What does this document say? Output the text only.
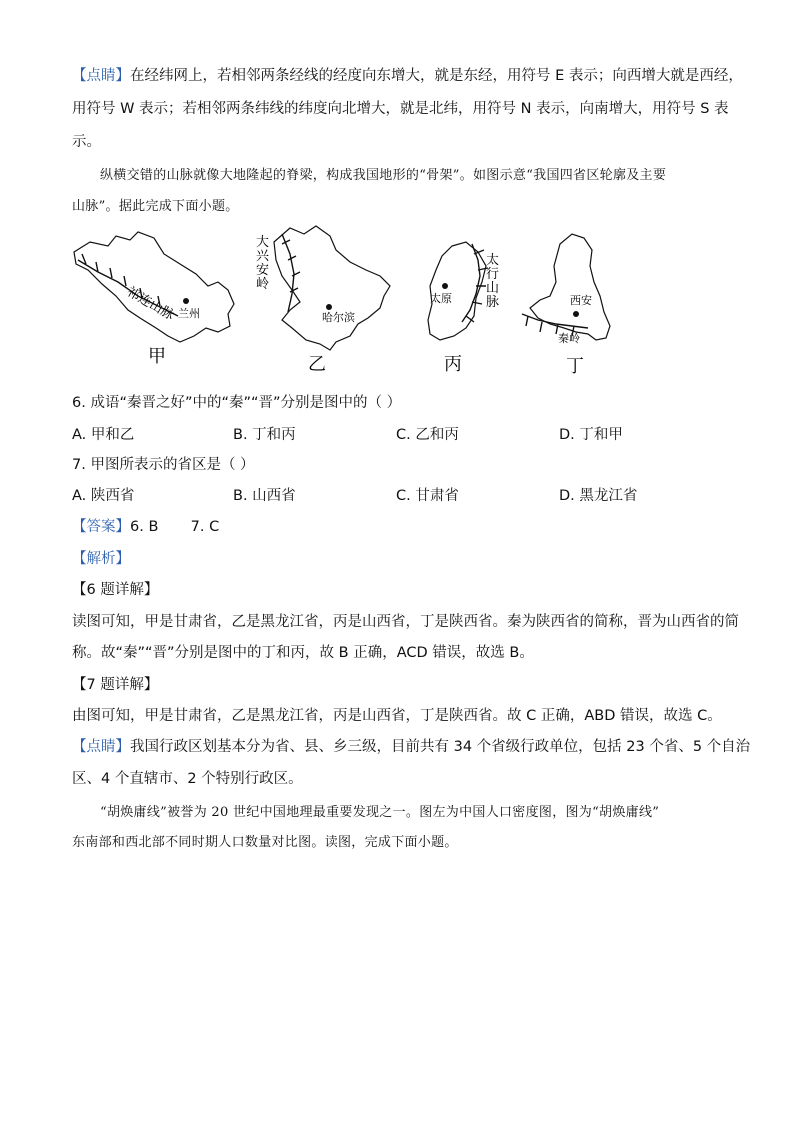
【点睛】在经纬网上，若相邻两条经线的经度向东增大，就是东经，用符号 E 表示；向西增大就是西经，
用符号 W 表示；若相邻两条纬线的纬度向北增大，就是北纬，用符号 N 表示，向南增大，用符号 S 表
示。
纵横交错的山脉就像大地隆起的脊梁，构成我国地形的“骨架”。如图示意“我国四省区轮廓及主要
山脉”。据此完成下面小题。
祁连山脉 兰州
甲
大
兴
安
岭
哈尔滨
乙
太原
太
行
山
脉
丙
西安
秦岭
丁
6. 成语“秦晋之好”中的“秦”“晋”分别是图中的（ ）
A. 甲和乙	B. 丁和丙	C. 乙和丙	D. 丁和甲
7. 甲图所表示的省区是（ ）
A. 陕西省	B. 山西省	C. 甘肃省	D. 黑龙江省
【答案】6. B       7. C
【解析】
【6 题详解】
读图可知，甲是甘肃省，乙是黑龙江省，丙是山西省，丁是陕西省。秦为陕西省的简称，晋为山西省的简
称。故“秦”“晋”分别是图中的丁和丙，故 B 正确，ACD 错误，故选 B。
【7 题详解】
由图可知，甲是甘肃省，乙是黑龙江省，丙是山西省，丁是陕西省。故 C 正确，ABD 错误，故选 C。
【点睛】我国行政区划基本分为省、县、乡三级，目前共有 34 个省级行政单位，包括 23 个省、5 个自治
区、4 个直辖市、2 个特别行政区。
“胡焕庸线”被誉为 20 世纪中国地理最重要发现之一。图左为中国人口密度图，图为“胡焕庸线”
东南部和西北部不同时期人口数量对比图。读图，完成下面小题。
